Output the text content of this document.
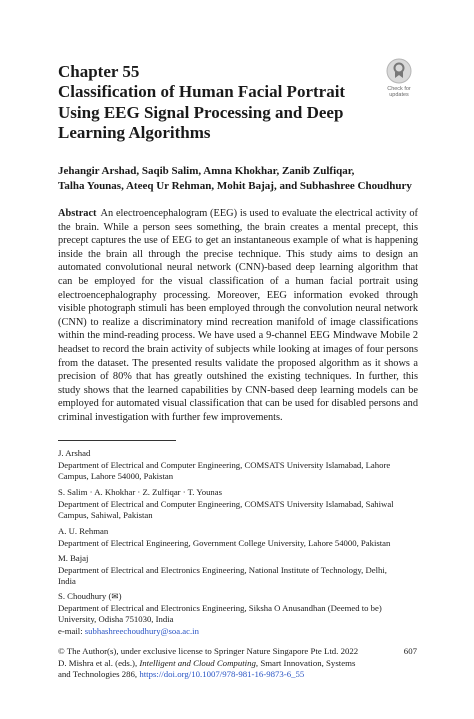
Chapter 55
Classification of Human Facial Portrait Using EEG Signal Processing and Deep Learning Algorithms
Check for
updates
Jehangir Arshad, Saqib Salim, Amna Khokhar, Zanib Zulfiqar,
Talha Younas, Ateeq Ur Rehman, Mohit Bajaj, and Subhashree Choudhury
Abstract An electroencephalogram (EEG) is used to evaluate the electrical activity of the brain. While a person sees something, the brain creates a mental precept, this precept captures the use of EEG to get an instantaneous example of what is happening inside the brain all through the precise technique. This study aims to design an automated convolutional neural network (CNN)-based deep learning algorithm that can be employed for the visual classification of a human facial portrait using electroencephalography processing. Moreover, EEG information evoked through visible photograph stimuli has been employed through the convolution neural network (CNN) to realize a discriminatory mind recreation manifold of image classifications within the mind-reading process. We have used a 9-channel EEG Mindwave Mobile 2 headset to record the brain activity of subjects while looking at images of four persons from the dataset. The presented results validate the proposed algorithm as it shows a precision of 80% that has greatly outshined the existing techniques. In further, this study shows that the learned capabilities by CNN-based deep learning models can be employed for automated visual classification that can be used for disabled persons and criminal investigation with further few improvements.
J. Arshad
Department of Electrical and Computer Engineering, COMSATS University Islamabad, Lahore
Campus, Lahore 54000, Pakistan
S. Salim · A. Khokhar · Z. Zulfiqar · T. Younas
Department of Electrical and Computer Engineering, COMSATS University Islamabad, Sahiwal
Campus, Sahiwal, Pakistan
A. U. Rehman
Department of Electrical Engineering, Government College University, Lahore 54000, Pakistan
M. Bajaj
Department of Electrical and Electronics Engineering, National Institute of Technology, Delhi,
India
S. Choudhury (✉)
Department of Electrical and Electronics Engineering, Siksha O Anusandhan (Deemed to be)
University, Odisha 751030, India
e-mail: subhashreechoudhury@soa.ac.in
© The Author(s), under exclusive license to Springer Nature Singapore Pte Ltd. 2022
D. Mishra et al. (eds.), Intelligent and Cloud Computing, Smart Innovation, Systems
and Technologies 286, https://doi.org/10.1007/978-981-16-9873-6_55
607
